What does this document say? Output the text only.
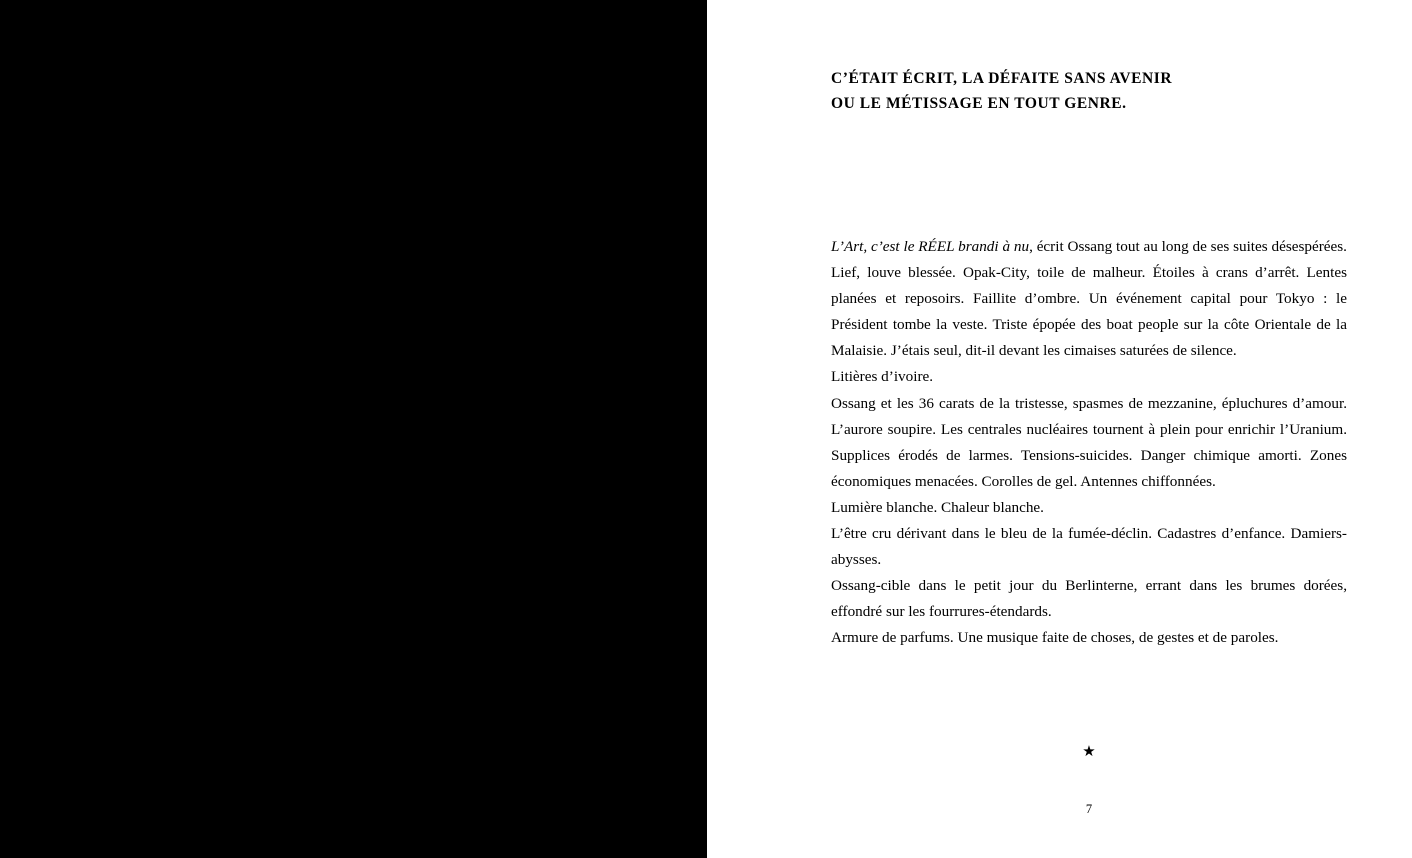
C’ÉTAIT ÉCRIT, LA DÉFAITE SANS AVENIR
OU LE MÉTISSAGE EN TOUT GENRE.

L’Art, c’est le RÉEL brandi à nu, écrit Ossang tout au long de ses suites désespérées. Lief, louve blessée. Opak-City, toile de malheur. Étoiles à crans d’arrêt. Lentes planées et reposoirs. Faillite d’ombre. Un événement capital pour Tokyo : le Président tombe la veste. Triste épopée des boat people sur la côte Orientale de la Malaisie. J’étais seul, dit-il devant les cimaises saturées de silence.

Litières d’ivoire.

Ossang et les 36 carats de la tristesse, spasmes de mezzanine, épluchures d’amour. L’aurore soupire. Les centrales nucléaires tournent à plein pour enrichir l’Uranium. Supplices érodés de larmes. Tensions-suicides. Danger chimique amorti. Zones économiques menacées. Corolles de gel. Antennes chiffonnées.

Lumière blanche. Chaleur blanche.

L’être cru dérivant dans le bleu de la fumée-déclin. Cadastres d’enfance. Damiers-abysses.

Ossang-cible dans le petit jour du Berlinterne, errant dans les brumes dorées, effondré sur les fourrures-étendards.

Armure de parfums. Une musique faite de choses, de gestes et de paroles.

★
7
